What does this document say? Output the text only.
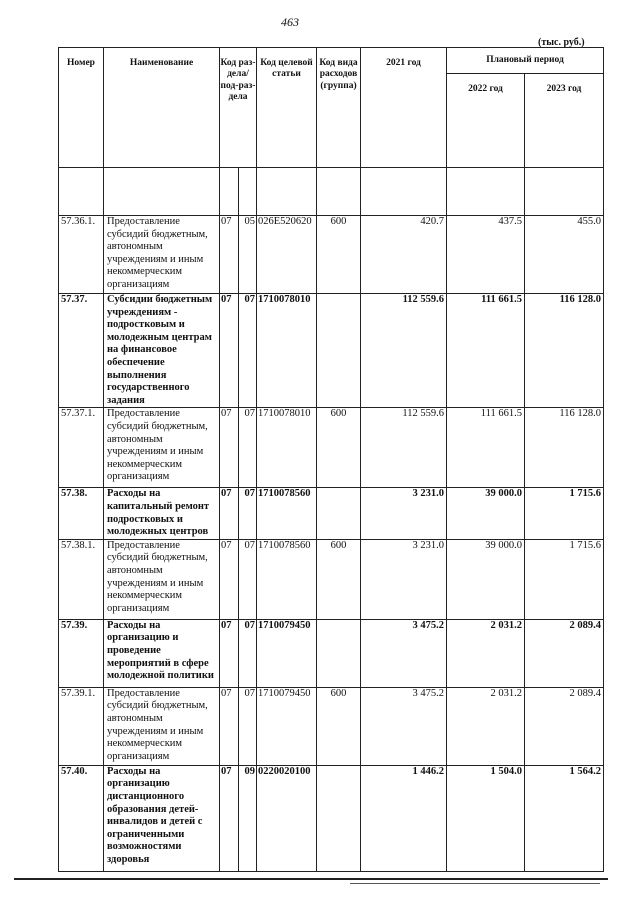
463
(тыс. руб.)
Номер	Наименование	Код раз-дела/ под-раз-дела		Код целевой статьи	Код вида расходов (группа)	2021 год	Плановый период	
							2022 год	2023 год

57.36.1.	Предоставление субсидий бюджетным, автономным учреждениям и иным некоммерческим организациям	07	05	026Е520620	600	420.7	437.5	455.0
57.37.	Субсидии бюджетным учреждениям - подростковым и молодежным центрам на финансовое обеспечение выполнения государственного задания	07	07	1710078010		112 559.6	111 661.5	116 128.0
57.37.1.	Предоставление субсидий бюджетным, автономным учреждениям и иным некоммерческим организациям	07	07	1710078010	600	112 559.6	111 661.5	116 128.0
57.38.	Расходы на капитальный ремонт подростковых и молодежных центров	07	07	1710078560		3 231.0	39 000.0	1 715.6
57.38.1.	Предоставление субсидий бюджетным, автономным учреждениям и иным некоммерческим организациям	07	07	1710078560	600	3 231.0	39 000.0	1 715.6
57.39.	Расходы на организацию и проведение мероприятий в сфере молодежной политики	07	07	1710079450		3 475.2	2 031.2	2 089.4
57.39.1.	Предоставление субсидий бюджетным, автономным учреждениям и иным некоммерческим организациям	07	07	1710079450	600	3 475.2	2 031.2	2 089.4
57.40.	Расходы на организацию дистанционного образования детей-инвалидов и детей с ограниченными возможностями здоровья	07	09	0220020100		1 446.2	1 504.0	1 564.2
